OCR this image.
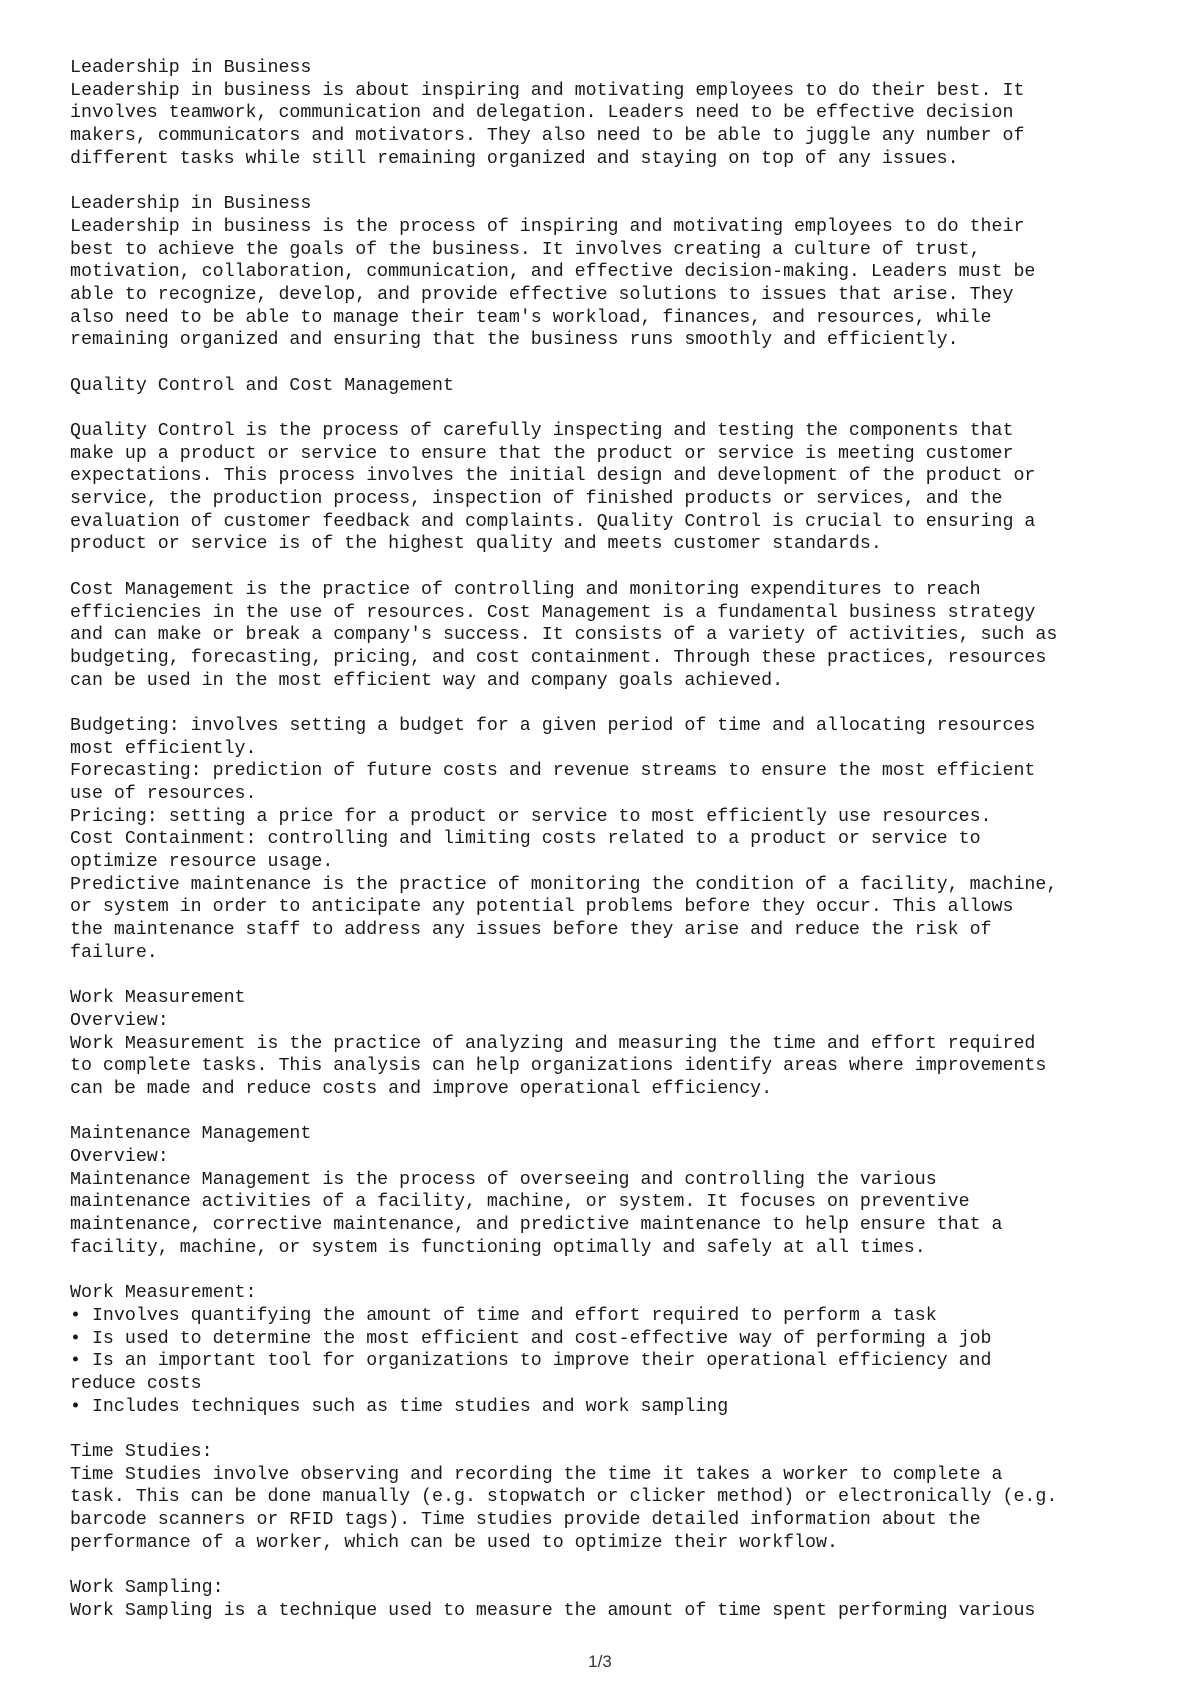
Leadership in Business
Leadership in business is about inspiring and motivating employees to do their best. It
involves teamwork, communication and delegation. Leaders need to be effective decision
makers, communicators and motivators. They also need to be able to juggle any number of
different tasks while still remaining organized and staying on top of any issues.
Leadership in Business
Leadership in business is the process of inspiring and motivating employees to do their
best to achieve the goals of the business. It involves creating a culture of trust,
motivation, collaboration, communication, and effective decision-making. Leaders must be
able to recognize, develop, and provide effective solutions to issues that arise. They
also need to be able to manage their team's workload, finances, and resources, while
remaining organized and ensuring that the business runs smoothly and efficiently.
Quality Control and Cost Management
Quality Control is the process of carefully inspecting and testing the components that
make up a product or service to ensure that the product or service is meeting customer
expectations. This process involves the initial design and development of the product or
service, the production process, inspection of finished products or services, and the
evaluation of customer feedback and complaints. Quality Control is crucial to ensuring a
product or service is of the highest quality and meets customer standards.
Cost Management is the practice of controlling and monitoring expenditures to reach
efficiencies in the use of resources. Cost Management is a fundamental business strategy
and can make or break a company's success. It consists of a variety of activities, such as
budgeting, forecasting, pricing, and cost containment. Through these practices, resources
can be used in the most efficient way and company goals achieved.
Budgeting: involves setting a budget for a given period of time and allocating resources
most efficiently.
Forecasting: prediction of future costs and revenue streams to ensure the most efficient
use of resources.
Pricing: setting a price for a product or service to most efficiently use resources.
Cost Containment: controlling and limiting costs related to a product or service to
optimize resource usage.
Predictive maintenance is the practice of monitoring the condition of a facility, machine,
or system in order to anticipate any potential problems before they occur. This allows
the maintenance staff to address any issues before they arise and reduce the risk of
failure.
Work Measurement
Overview:
Work Measurement is the practice of analyzing and measuring the time and effort required
to complete tasks. This analysis can help organizations identify areas where improvements
can be made and reduce costs and improve operational efficiency.
Maintenance Management
Overview:
Maintenance Management is the process of overseeing and controlling the various
maintenance activities of a facility, machine, or system. It focuses on preventive
maintenance, corrective maintenance, and predictive maintenance to help ensure that a
facility, machine, or system is functioning optimally and safely at all times.
Work Measurement:
• Involves quantifying the amount of time and effort required to perform a task
• Is used to determine the most efficient and cost-effective way of performing a job
• Is an important tool for organizations to improve their operational efficiency and
reduce costs
• Includes techniques such as time studies and work sampling
Time Studies:
Time Studies involve observing and recording the time it takes a worker to complete a
task. This can be done manually (e.g. stopwatch or clicker method) or electronically (e.g.
barcode scanners or RFID tags). Time studies provide detailed information about the
performance of a worker, which can be used to optimize their workflow.
Work Sampling:
Work Sampling is a technique used to measure the amount of time spent performing various
1/3
